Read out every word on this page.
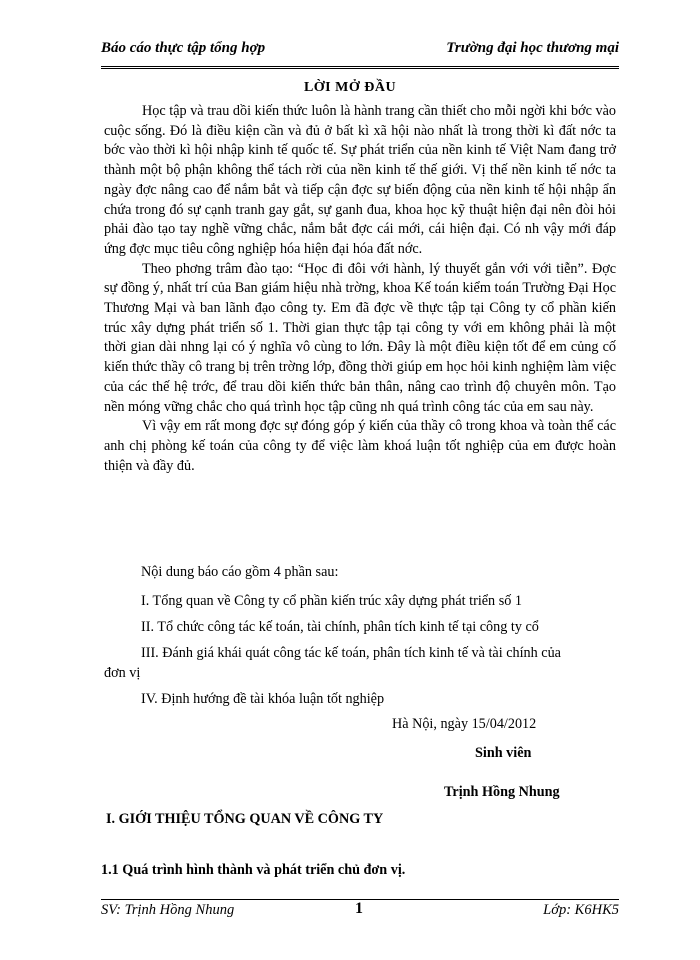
Báo cáo thực tập tổng hợp	Trường đại học thương mại
LỜI MỞ ĐẦU

Học tập và trau dồi kiến thức luôn là hành trang cần thiết cho mỗi ngời khi bớc vào cuộc sống. Đó là điều kiện cần và đủ ở bất kì xã hội nào nhất là trong thời kì đất nớc ta bớc vào thời kì hội nhập kinh tế quốc tế. Sự phát triển của nền kinh tế Việt Nam đang trở thành một bộ phận không thể tách rời của nền kinh tế thế giới. Vị thế nền kinh tế nớc ta ngày đợc nâng cao để nắm bắt và tiếp cận đợc sự biến động của nền kinh tế hội nhập ẩn chứa trong đó sự cạnh tranh gay gắt, sự ganh đua, khoa học kỹ thuật hiện đại nên đòi hỏi phải đào tạo tay nghề vững chắc, nắm bắt đợc cái mới, cái hiện đại. Có nh vậy mới đáp ứng đợc mục tiêu công nghiệp hóa hiện đại hóa đất nớc.

Theo phơng trâm đào tạo: “Học đi đôi với hành, lý thuyết gắn với với tiễn”. Đợc sự đồng ý, nhất trí của Ban giám hiệu nhà trờng, khoa Kế toán kiểm toán Trường Đại Học Thương Mại và ban lãnh đạo công ty. Em đã đợc về thực tập tại Công ty cổ phần kiến trúc xây dựng phát triển số 1. Thời gian thực tập tại công ty với em không phải là một thời gian dài nhng lại có ý nghĩa vô cùng to lớn. Đây là một điều kiện tốt để em củng cố kiến thức thầy cô trang bị trên trờng lớp, đồng thời giúp em học hỏi kinh nghiệm làm việc của các thế hệ trớc, để trau dồi kiến thức bản thân, nâng cao trình độ chuyên môn. Tạo nền móng vững chắc cho quá trình học tập cũng nh quá trình công tác của em sau này.

Vì vậy em rất mong đợc sự đóng góp ý kiến của thầy cô trong khoa và toàn thể các anh chị phòng kế toán của công ty để việc làm khoá luận tốt nghiệp của em được hoàn thiện và đầy đủ.

Nội dung báo cáo gồm 4 phần sau:
I. Tổng quan về Công ty cổ phần kiến trúc xây dựng phát triển số 1
II. Tổ chức công tác kế toán, tài chính, phân tích kinh tế tại công ty cổ
III. Đánh giá khái quát công tác kế toán, phân tích kinh tế và tài chính của
đơn vị
IV. Định hướng đề tài khóa luận tốt nghiệp
Hà Nội, ngày 15/04/2012
Sinh viên
Trịnh Hồng Nhung
I. GIỚI THIỆU TỔNG QUAN VỀ CÔNG TY
1.1 Quá trình hình thành và phát triển chủ đơn vị.
SV: Trịnh Hồng Nhung	1	Lớp: K6HK5
